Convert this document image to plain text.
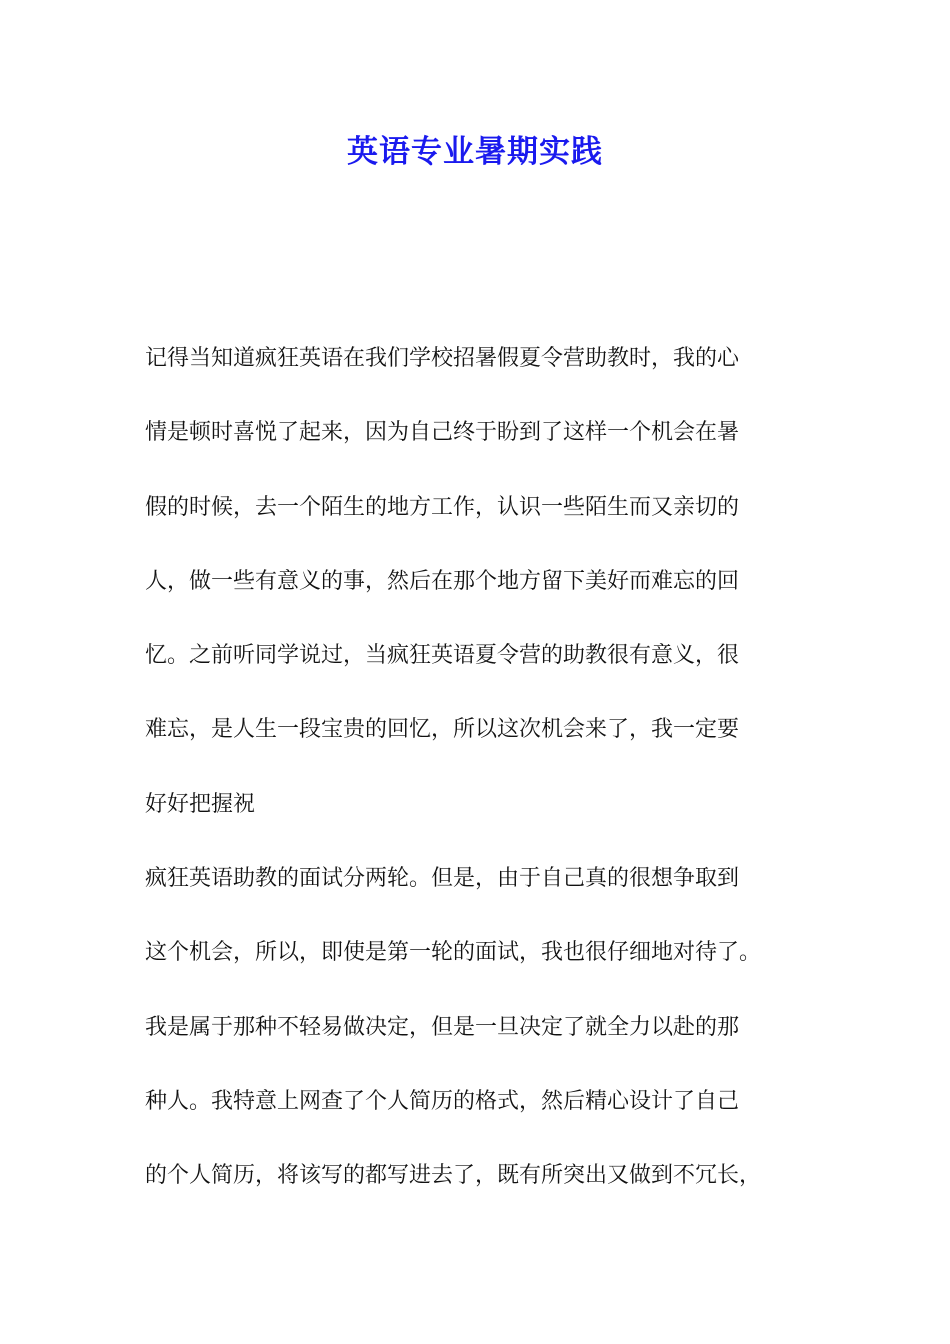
英语专业暑期实践
记得当知道疯狂英语在我们学校招暑假夏令营助教时，我的心
情是顿时喜悦了起来，因为自己终于盼到了这样一个机会在暑
假的时候，去一个陌生的地方工作，认识一些陌生而又亲切的
人，做一些有意义的事，然后在那个地方留下美好而难忘的回
忆。之前听同学说过，当疯狂英语夏令营的助教很有意义，很
难忘，是人生一段宝贵的回忆，所以这次机会来了，我一定要
好好把握祝
疯狂英语助教的面试分两轮。但是，由于自己真的很想争取到
这个机会，所以，即使是第一轮的面试，我也很仔细地对待了。
我是属于那种不轻易做决定，但是一旦决定了就全力以赴的那
种人。我特意上网查了个人简历的格式，然后精心设计了自己
的个人简历，将该写的都写进去了，既有所突出又做到不冗长，
